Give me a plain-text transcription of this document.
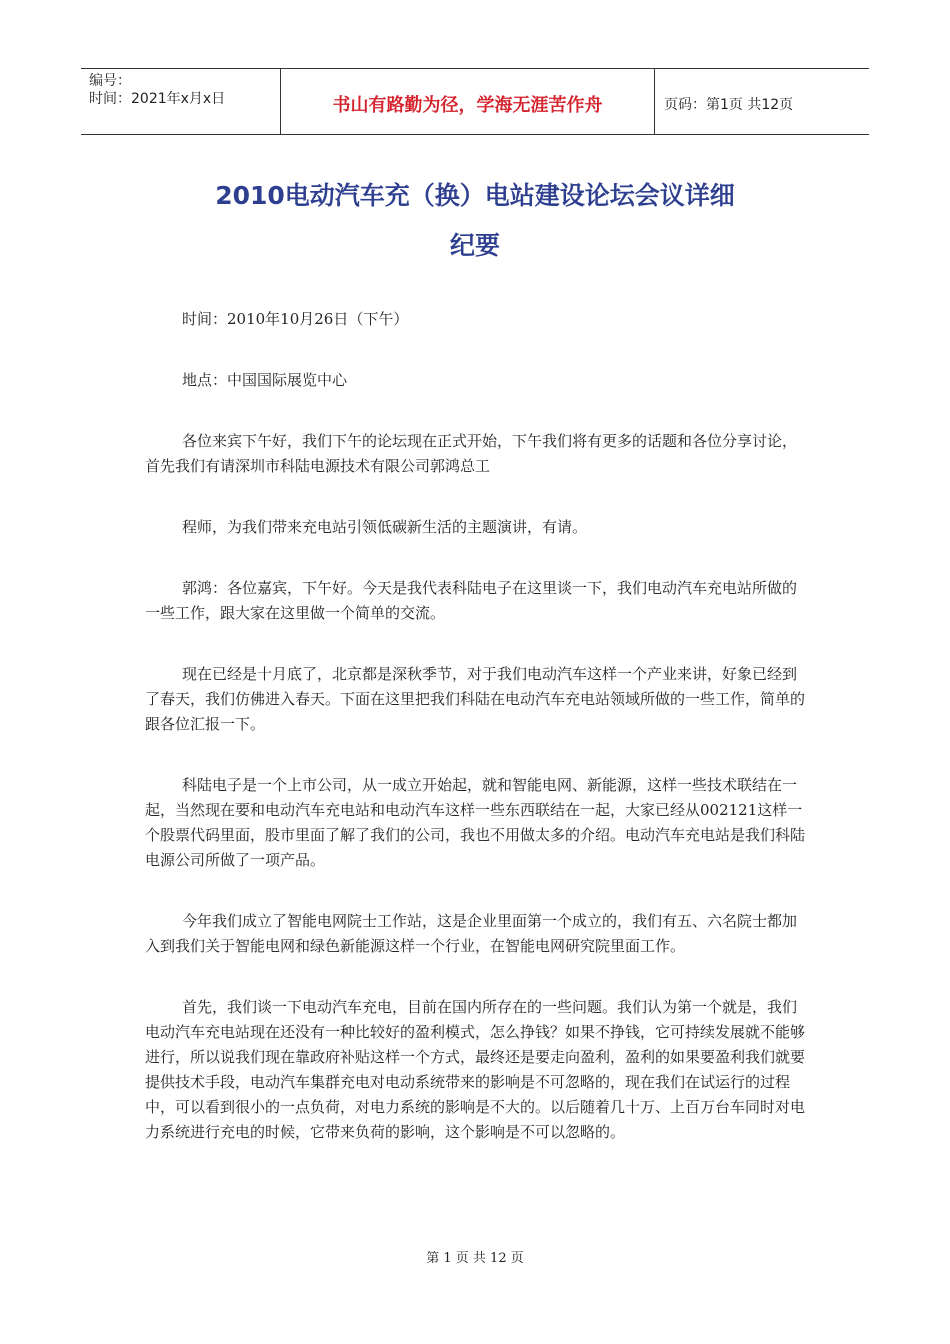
编号：
时间：2021年x月x日	书山有路勤为径，学海无涯苦作舟	页码：第1页 共12页
2010电动汽车充（换）电站建设论坛会议详细
纪要

时间：2010年10月26日（下午）

地点：中国国际展览中心

各位来宾下午好，我们下午的论坛现在正式开始，下午我们将有更多的话题和各位分享讨论，首先我们有请深圳市科陆电源技术有限公司郭鸿总工

程师，为我们带来充电站引领低碳新生活的主题演讲，有请。

郭鸿：各位嘉宾，下午好。今天是我代表科陆电子在这里谈一下，我们电动汽车充电站所做的一些工作，跟大家在这里做一个简单的交流。

现在已经是十月底了，北京都是深秋季节，对于我们电动汽车这样一个产业来讲，好象已经到了春天，我们仿佛进入春天。下面在这里把我们科陆在电动汽车充电站领域所做的一些工作，简单的跟各位汇报一下。

科陆电子是一个上市公司，从一成立开始起，就和智能电网、新能源，这样一些技术联结在一起，当然现在要和电动汽车充电站和电动汽车这样一些东西联结在一起，大家已经从002121这样一个股票代码里面，股市里面了解了我们的公司，我也不用做太多的介绍。电动汽车充电站是我们科陆电源公司所做了一项产品。

今年我们成立了智能电网院士工作站，这是企业里面第一个成立的，我们有五、六名院士都加入到我们关于智能电网和绿色新能源这样一个行业，在智能电网研究院里面工作。

首先，我们谈一下电动汽车充电，目前在国内所存在的一些问题。我们认为第一个就是，我们电动汽车充电站现在还没有一种比较好的盈利模式，怎么挣钱？如果不挣钱，它可持续发展就不能够进行，所以说我们现在靠政府补贴这样一个方式，最终还是要走向盈利，盈利的如果要盈利我们就要提供技术手段，电动汽车集群充电对电动系统带来的影响是不可忽略的，现在我们在试运行的过程中，可以看到很小的一点负荷，对电力系统的影响是不大的。以后随着几十万、上百万台车同时对电力系统进行充电的时候，它带来负荷的影响，这个影响是不可以忽略的。

第 1 页 共 12 页
